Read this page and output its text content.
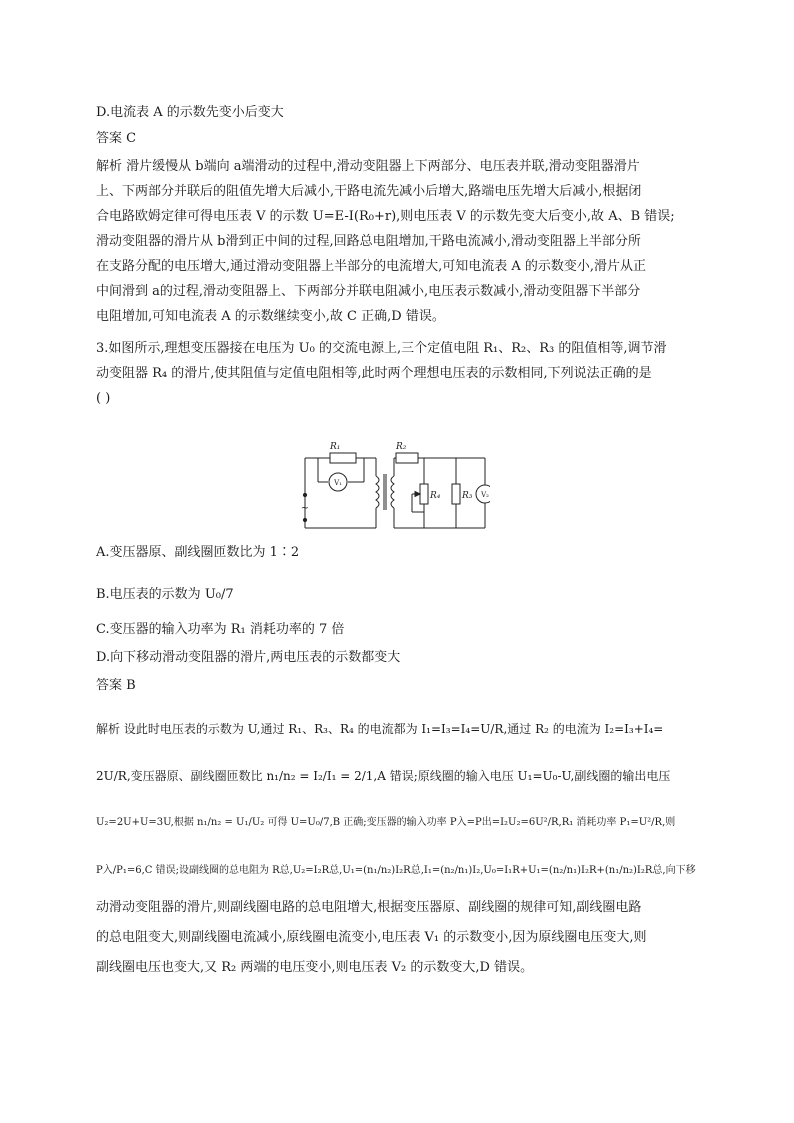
D.电流表 A 的示数先变小后变大
答案 C
解析 滑片缓慢从 b端向 a端滑动的过程中,滑动变阻器上下两部分、电压表并联,滑动变阻器滑片
上、下两部分并联后的阻值先增大后减小,干路电流先减小后增大,路端电压先增大后减小,根据闭
合电路欧姆定律可得电压表 V 的示数 U=E-I(R₀+r),则电压表 V 的示数先变大后变小,故 A、B 错误;
滑动变阻器的滑片从 b滑到正中间的过程,回路总电阻增加,干路电流减小,滑动变阻器上半部分所
在支路分配的电压增大,通过滑动变阻器上半部分的电流增大,可知电流表 A 的示数变小,滑片从正
中间滑到 a的过程,滑动变阻器上、下两部分并联电阻减小,电压表示数减小,滑动变阻器下半部分
电阻增加,可知电流表 A 的示数继续变小,故 C 正确,D 错误。
3.如图所示,理想变压器接在电压为 U₀ 的交流电源上,三个定值电阻 R₁、R₂、R₃ 的阻值相等,调节滑
动变阻器 R₄ 的滑片,使其阻值与定值电阻相等,此时两个理想电压表的示数相同,下列说法正确的是
( )
R₁	R₂
R₄ R₃
V₁
V₂
~
A.变压器原、副线圈匝数比为 1∶2
B.电压表的示数为 U₀/7
C.变压器的输入功率为 R₁ 消耗功率的 7 倍
D.向下移动滑动变阻器的滑片,两电压表的示数都变大
答案 B
解析 设此时电压表的示数为 U,通过 R₁、R₃、R₄ 的电流都为 I₁=I₃=I₄=U/R,通过 R₂ 的电流为 I₂=I₃+I₄=
2U/R,变压器原、副线圈匝数比 n₁/n₂ = I₂/I₁ = 2/1,A 错误;原线圈的输入电压 U₁=U₀-U,副线圈的输出电压
U₂=2U+U=3U,根据 n₁/n₂ = U₁/U₂ 可得 U=U₀/7,B 正确;变压器的输入功率 P入=P出=I₂U₂=6U²/R,R₁ 消耗功率 P₁=U²/R,则
P入/P₁=6,C 错误;设副线圈的总电阻为 R总,U₂=I₂R总,U₁=(n₁/n₂)I₂R总,I₁=(n₂/n₁)I₂,U₀=I₁R+U₁=(n₂/n₁)I₂R+(n₁/n₂)I₂R总,向下移
动滑动变阻器的滑片,则副线圈电路的总电阻增大,根据变压器原、副线圈的规律可知,副线圈电路
的总电阻变大,则副线圈电流减小,原线圈电流变小,电压表 V₁ 的示数变小,因为原线圈电压变大,则
副线圈电压也变大,又 R₂ 两端的电压变小,则电压表 V₂ 的示数变大,D 错误。
